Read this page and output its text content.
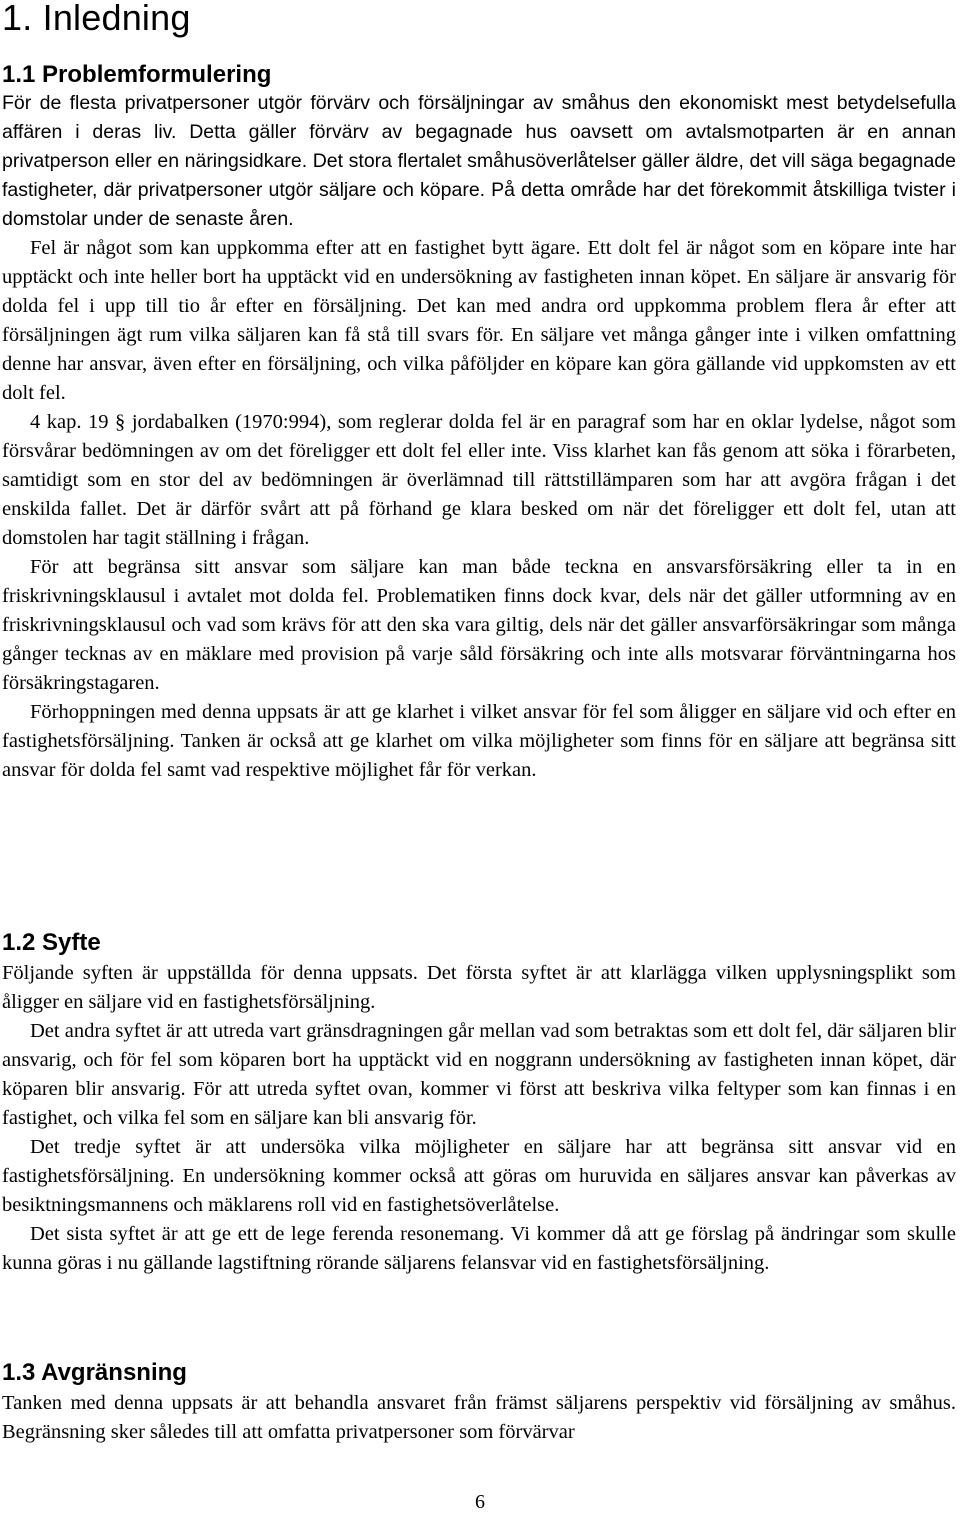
1. Inledning
1.1 Problemformulering

För de flesta privatpersoner utgör förvärv och försäljningar av småhus den ekonomiskt mest betydelsefulla affären i deras liv. Detta gäller förvärv av begagnade hus oavsett om avtalsmotparten är en annan privatperson eller en näringsidkare. Det stora flertalet småhusöverlåtelser gäller äldre, det vill säga begagnade fastigheter, där privatpersoner utgör säljare och köpare. På detta område har det förekommit åtskilliga tvister i domstolar under de senaste åren.

Fel är något som kan uppkomma efter att en fastighet bytt ägare. Ett dolt fel är något som en köpare inte har upptäckt och inte heller bort ha upptäckt vid en undersökning av fastigheten innan köpet. En säljare är ansvarig för dolda fel i upp till tio år efter en försäljning. Det kan med andra ord uppkomma problem flera år efter att försäljningen ägt rum vilka säljaren kan få stå till svars för. En säljare vet många gånger inte i vilken omfattning denne har ansvar, även efter en försäljning, och vilka påföljder en köpare kan göra gällande vid uppkomsten av ett dolt fel.

4 kap. 19 § jordabalken (1970:994), som reglerar dolda fel är en paragraf som har en oklar lydelse, något som försvårar bedömningen av om det föreligger ett dolt fel eller inte. Viss klarhet kan fås genom att söka i förarbeten, samtidigt som en stor del av bedömningen är överlämnad till rättstillämparen som har att avgöra frågan i det enskilda fallet. Det är därför svårt att på förhand ge klara besked om när det föreligger ett dolt fel, utan att domstolen har tagit ställning i frågan.

För att begränsa sitt ansvar som säljare kan man både teckna en ansvarsförsäkring eller ta in en friskrivningsklausul i avtalet mot dolda fel. Problematiken finns dock kvar, dels när det gäller utformning av en friskrivningsklausul och vad som krävs för att den ska vara giltig, dels när det gäller ansvarförsäkringar som många gånger tecknas av en mäklare med provision på varje såld försäkring och inte alls motsvarar förväntningarna hos försäkringstagaren.

Förhoppningen med denna uppsats är att ge klarhet i vilket ansvar för fel som åligger en säljare vid och efter en fastighetsförsäljning. Tanken är också att ge klarhet om vilka möjligheter som finns för en säljare att begränsa sitt ansvar för dolda fel samt vad respektive möjlighet får för verkan.

1.2 Syfte

Följande syften är uppställda för denna uppsats. Det första syftet är att klarlägga vilken upplysningsplikt som åligger en säljare vid en fastighetsförsäljning.

Det andra syftet är att utreda vart gränsdragningen går mellan vad som betraktas som ett dolt fel, där säljaren blir ansvarig, och för fel som köparen bort ha upptäckt vid en noggrann undersökning av fastigheten innan köpet, där köparen blir ansvarig. För att utreda syftet ovan, kommer vi först att beskriva vilka feltyper som kan finnas i en fastighet, och vilka fel som en säljare kan bli ansvarig för.

Det tredje syftet är att undersöka vilka möjligheter en säljare har att begränsa sitt ansvar vid en fastighetsförsäljning. En undersökning kommer också att göras om huruvida en säljares ansvar kan påverkas av besiktningsmannens och mäklarens roll vid en fastighetsöverlåtelse.

Det sista syftet är att ge ett de lege ferenda resonemang. Vi kommer då att ge förslag på ändringar som skulle kunna göras i nu gällande lagstiftning rörande säljarens felansvar vid en fastighetsförsäljning.

1.3 Avgränsning

Tanken med denna uppsats är att behandla ansvaret från främst säljarens perspektiv vid försäljning av småhus. Begränsning sker således till att omfatta privatpersoner som förvärvar

6
